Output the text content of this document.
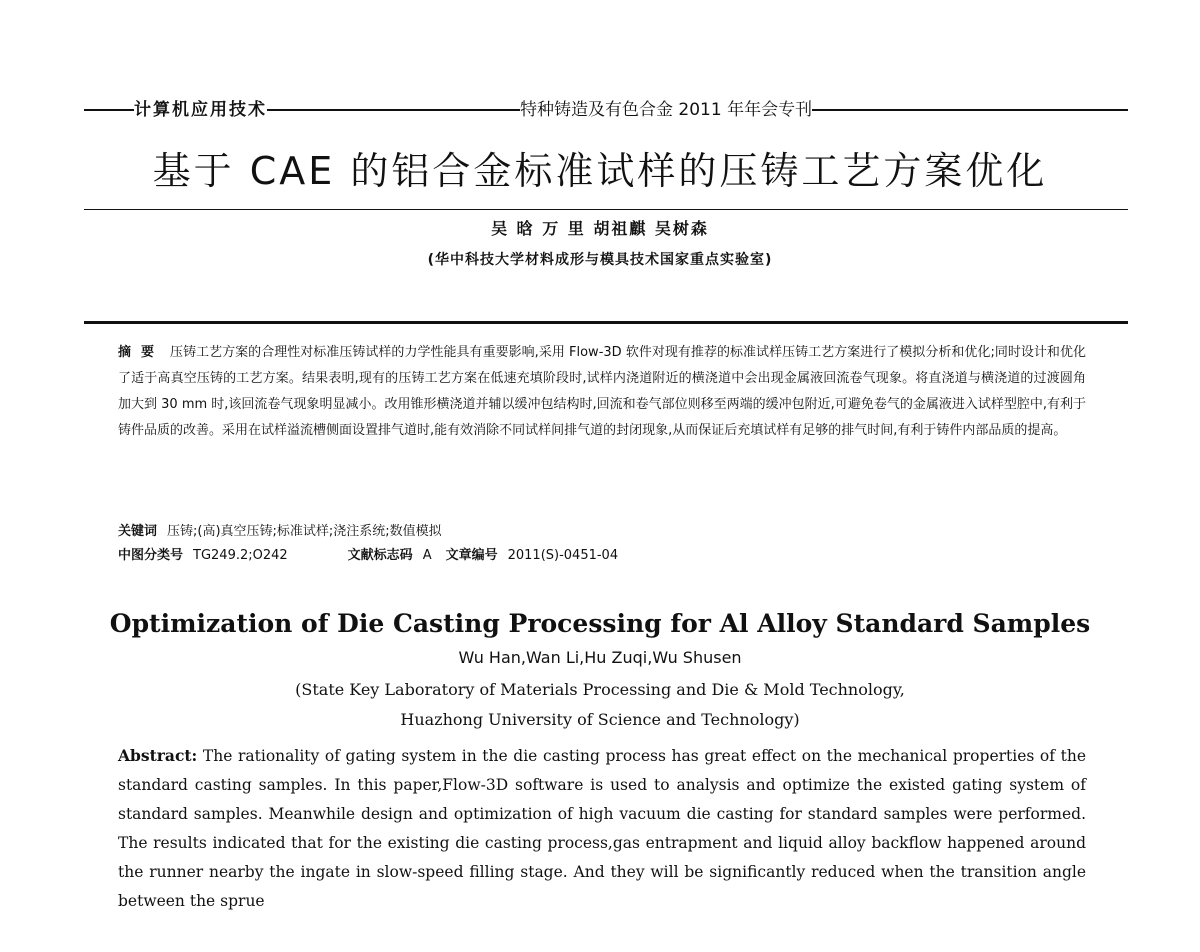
计算机应用技术	特种铸造及有色合金 2011 年年会专刊
基于 CAE 的铝合金标准试样的压铸工艺方案优化
吴 晗 万 里 胡祖麒 吴树森
(华中科技大学材料成形与模具技术国家重点实验室)

摘要 压铸工艺方案的合理性对标准压铸试样的力学性能具有重要影响,采用 Flow-3D 软件对现有推荐的标准试样压铸工艺方案进行了模拟分析和优化;同时设计和优化了适于高真空压铸的工艺方案。结果表明,现有的压铸工艺方案在低速充填阶段时,试样内浇道附近的横浇道中会出现金属液回流卷气现象。将直浇道与横浇道的过渡圆角加大到 30 mm 时,该回流卷气现象明显减小。改用锥形横浇道并辅以缓冲包结构时,回流和卷气部位则移至两端的缓冲包附近,可避免卷气的金属液进入试样型腔中,有利于铸件品质的改善。采用在试样溢流槽侧面设置排气道时,能有效消除不同试样间排气道的封闭现象,从而保证后充填试样有足够的排气时间,有利于铸件内部品质的提高。

关键词 压铸;(高)真空压铸;标准试样;浇注系统;数值模拟
中图分类号 TG249.2;O242	文献标志码 A 文章编号 2011(S)-0451-04
Optimization of Die Casting Processing for Al Alloy Standard Samples
Wu Han,Wan Li,Hu Zuqi,Wu Shusen
(State Key Laboratory of Materials Processing and Die & Mold Technology,
Huazhong University of Science and Technology)

Abstract: The rationality of gating system in the die casting process has great effect on the mechanical properties of the standard casting samples. In this paper,Flow-3D software is used to analysis and optimize the existed gating system of standard samples. Meanwhile design and optimization of high vacuum die casting for standard samples were performed. The results indicated that for the existing die casting process,gas entrapment and liquid alloy backflow happened around the runner nearby the ingate in slow-speed filling stage. And they will be significantly reduced when the transition angle between the sprue
